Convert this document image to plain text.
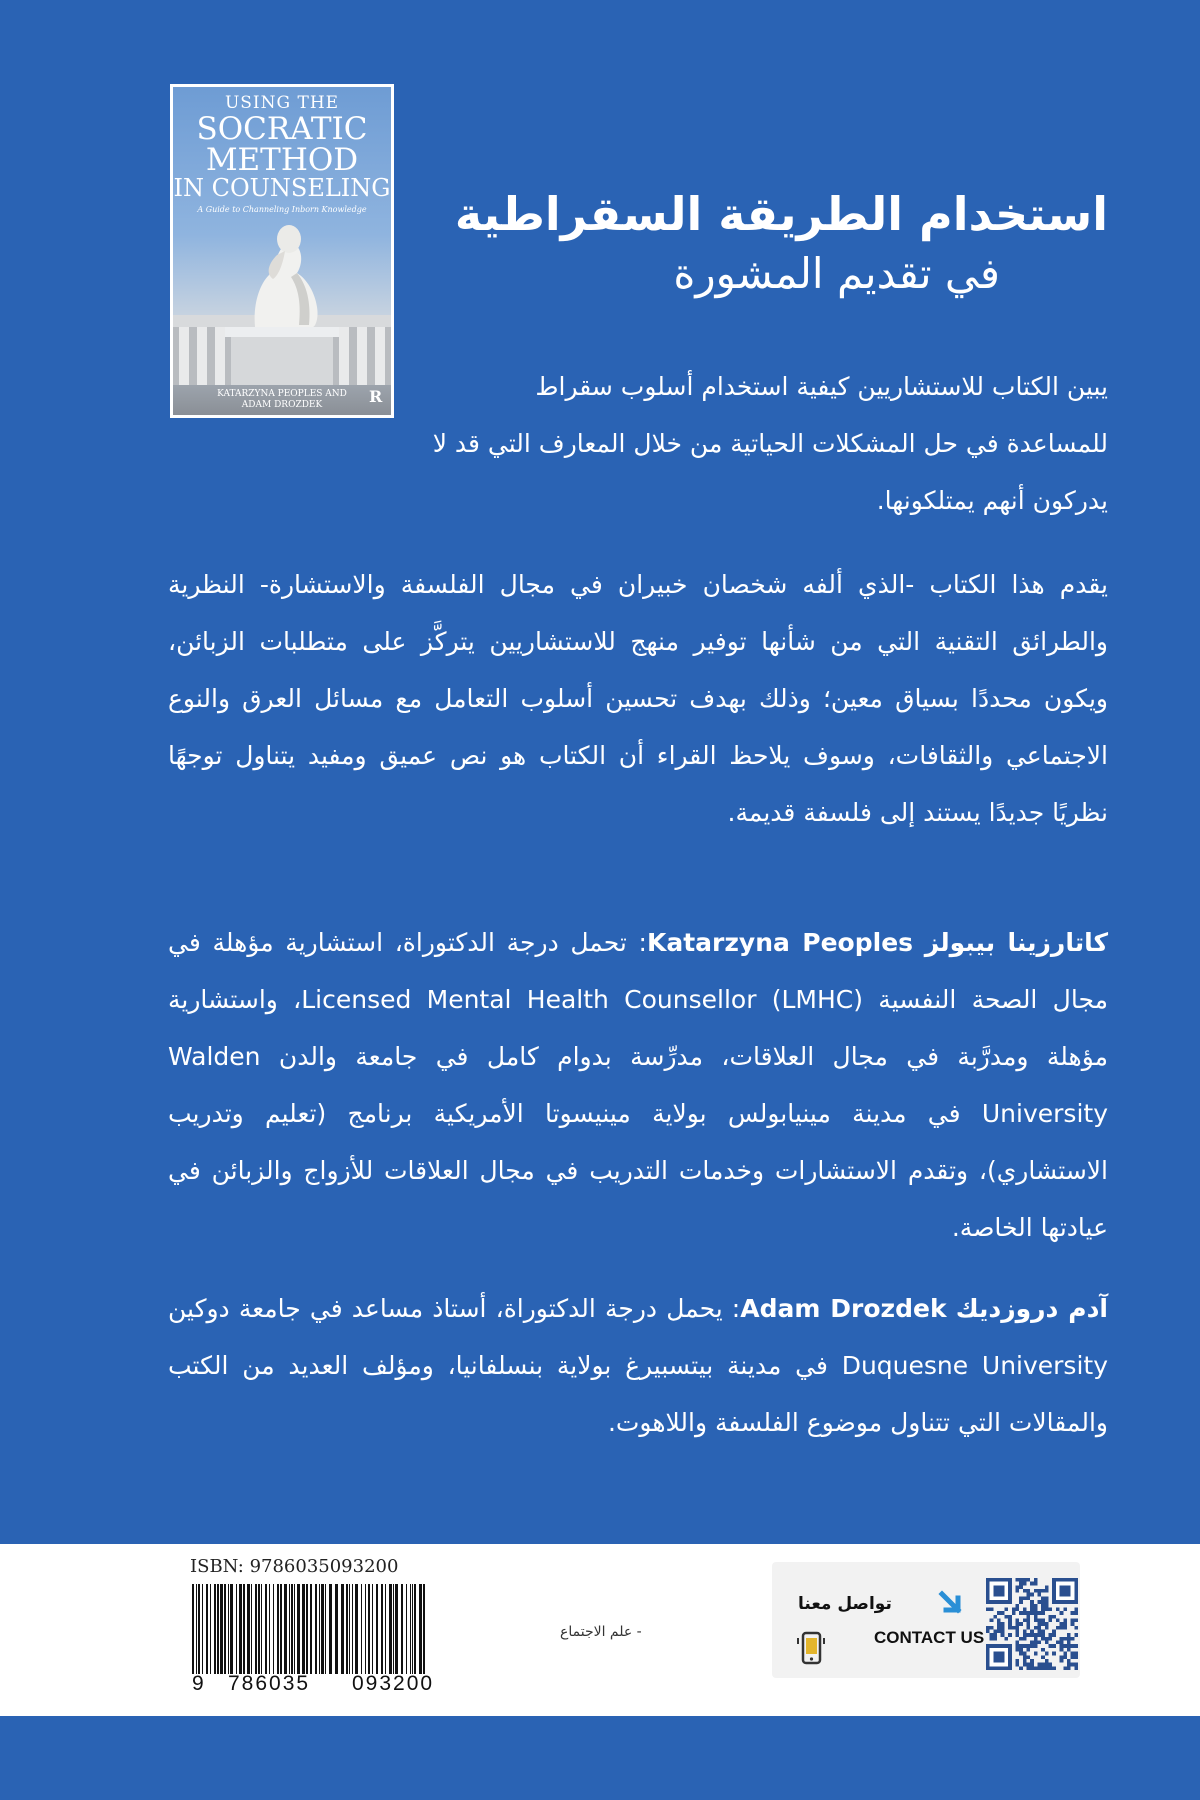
USING THE
SOCRATIC
METHOD
IN COUNSELING
A Guide to Channeling Inborn Knowledge
KATARZYNA PEOPLES AND
ADAM DROZDEK	R
استخدام الطريقة السقراطية
في تقديم المشورة
يبين الكتاب للاستشاريين كيفية استخدام أسلوب سقراط للمساعدة في حل المشكلات الحياتية من خلال المعارف التي قد لا يدركون أنهم يمتلكونها.
يقدم هذا الكتاب -الذي ألفه شخصان خبيران في مجال الفلسفة والاستشارة- النظرية والطرائق التقنية التي من شأنها توفير منهج للاستشاريين يتركَّز على متطلبات الزبائن، ويكون محددًا بسياق معين؛ وذلك بهدف تحسين أسلوب التعامل مع مسائل العرق والنوع الاجتماعي والثقافات، وسوف يلاحظ القراء أن الكتاب هو نص عميق ومفيد يتناول توجهًا نظريًا جديدًا يستند إلى فلسفة قديمة.
كاتارزينا بيبولز Katarzyna Peoples: تحمل درجة الدكتوراة، استشارية مؤهلة في مجال الصحة النفسية Licensed Mental Health Counsellor (LMHC)، واستشارية مؤهلة ومدرَّبة في مجال العلاقات، مدرِّسة بدوام كامل في جامعة والدن Walden University في مدينة مينيابولس بولاية مينيسوتا الأمريكية برنامج (تعليم وتدريب الاستشاري)، وتقدم الاستشارات وخدمات التدريب في مجال العلاقات للأزواج والزبائن في عيادتها الخاصة.
آدم دروزديك Adam Drozdek: يحمل درجة الدكتوراة، أستاذ مساعد في جامعة دوكين Duquesne University في مدينة بيتسبيرغ بولاية بنسلفانيا، ومؤلف العديد من الكتب والمقالات التي تتناول موضوع الفلسفة واللاهوت.
ISBN: 9786035093200
9 786035 093200
- علم الاجتماع
تواصل معنا
CONTACT US
